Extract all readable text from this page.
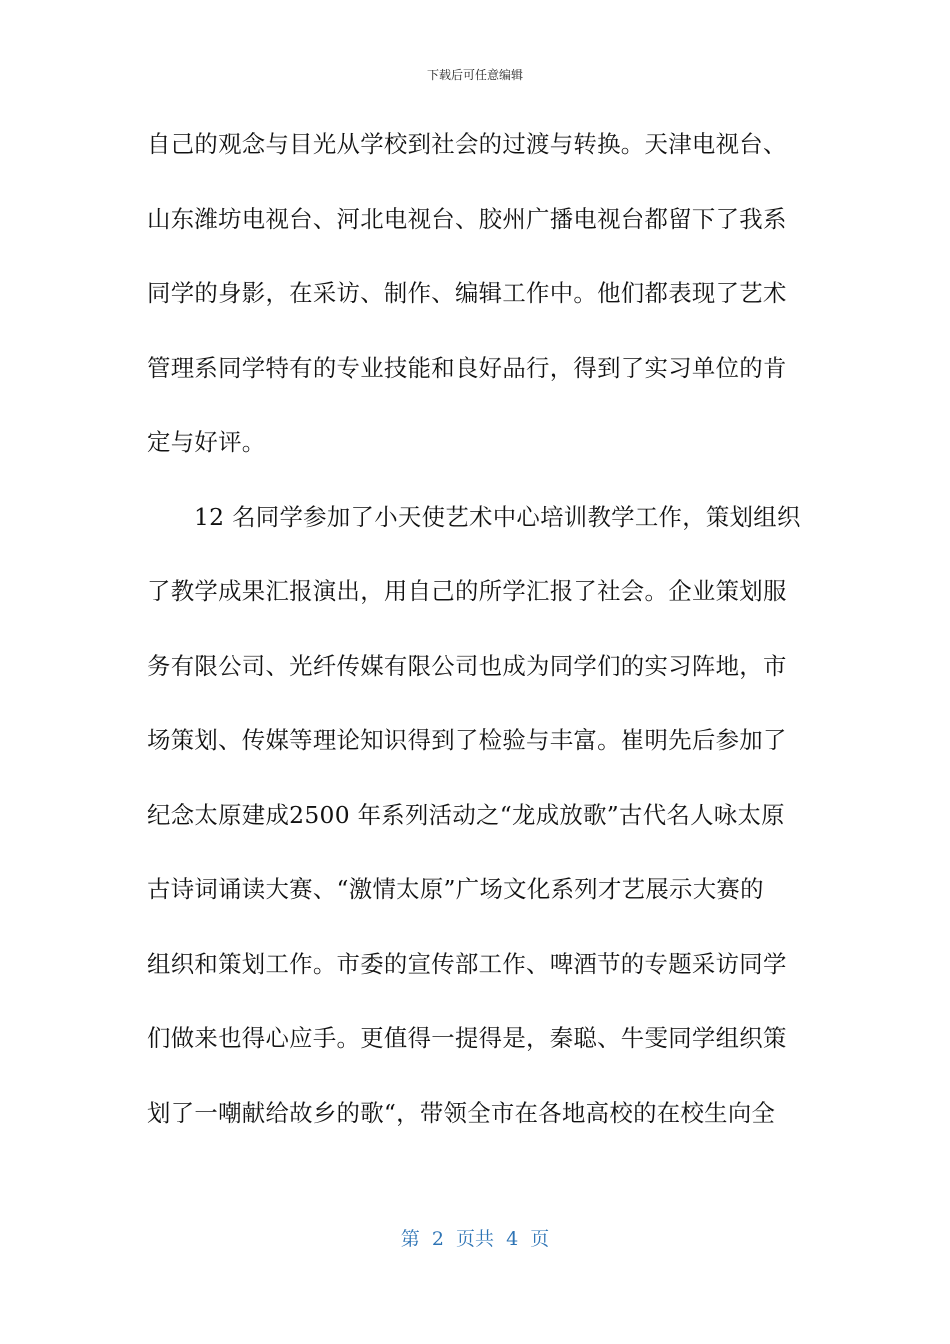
下载后可任意编辑
自己的观念与目光从学校到社会的过渡与转换。天津电视台、
山东潍坊电视台、河北电视台、胶州广播电视台都留下了我系
同学的身影，在采访、制作、编辑工作中。他们都表现了艺术
管理系同学特有的专业技能和良好品行，得到了实习单位的肯
定与好评。
12 名同学参加了小天使艺术中心培训教学工作，策划组织
了教学成果汇报演出，用自己的所学汇报了社会。企业策划服
务有限公司、光纤传媒有限公司也成为同学们的实习阵地，市
场策划、传媒等理论知识得到了检验与丰富。崔明先后参加了
纪念太原建成2500 年系列活动之“龙成放歌”古代名人咏太原
古诗词诵读大赛、“激情太原”广场文化系列才艺展示大赛的
组织和策划工作。市委的宣传部工作、啤酒节的专题采访同学
们做来也得心应手。更值得一提得是，秦聪、牛雯同学组织策
划了一嘲献给故乡的歌“，带领全市在各地高校的在校生向全
第  2  页共  4  页
